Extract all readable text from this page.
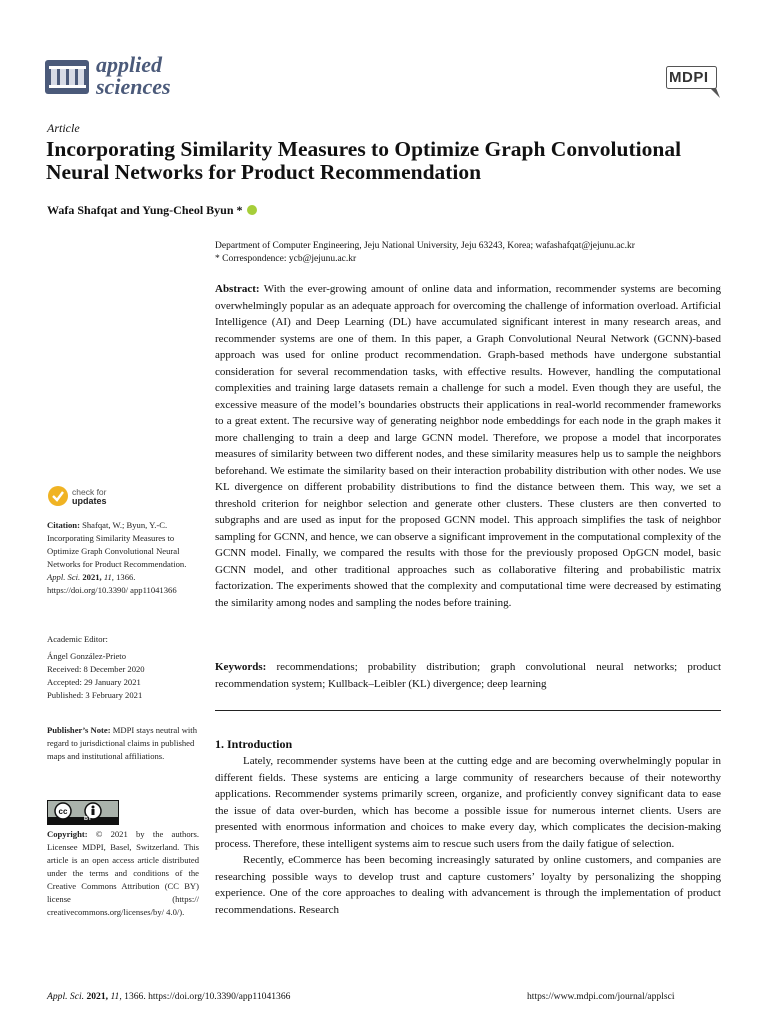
applied
sciences	MDPI
Article
Incorporating Similarity Measures to Optimize Graph Convolutional Neural Networks for Product Recommendation
Wafa Shafqat and Yung-Cheol Byun *
Department of Computer Engineering, Jeju National University, Jeju 63243, Korea; wafashafqat@jejunu.ac.kr
* Correspondence: ycb@jejunu.ac.kr
Abstract: With the ever-growing amount of online data and information, recommender systems are becoming overwhelmingly popular as an adequate approach for overcoming the challenge of information overload. Artificial Intelligence (AI) and Deep Learning (DL) have accumulated significant interest in many research areas, and recommender systems are one of them. In this paper, a Graph Convolutional Neural Network (GCNN)-based approach was used for online product recommendation. Graph-based methods have undergone substantial consideration for several recommendation tasks, with effective results. However, handling the computational complexities and training large datasets remain a challenge for such a model. Even though they are useful, the excessive measure of the model’s boundaries obstructs their applications in real-world recommender frameworks to a great extent. The recursive way of generating neighbor node embeddings for each node in the graph makes it more challenging to train a deep and large GCNN model. Therefore, we propose a model that incorporates measures of similarity between two different nodes, and these similarity measures help us to sample the neighbors beforehand. We estimate the similarity based on their interaction probability distribution with other nodes. We use KL divergence on different probability distributions to find the distance between them. This way, we set a threshold criterion for neighbor selection and generate other clusters. These clusters are then converted to subgraphs and are used as input for the proposed GCNN model. This approach simplifies the task of neighbor sampling for GCNN, and hence, we can observe a significant improvement in the computational complexity of the GCNN model. Finally, we compared the results with those for the previously proposed OpGCN model, basic GCNN model, and other traditional approaches such as collaborative filtering and probabilistic matrix factorization. The experiments showed that the complexity and computational time were decreased by estimating the similarity among nodes and sampling the nodes before training.
Keywords: recommendations; probability distribution; graph convolutional neural networks; product recommendation system; Kullback–Leibler (KL) divergence; deep learning
1. Introduction

Lately, recommender systems have been at the cutting edge and are becoming overwhelmingly popular in different fields. These systems are enticing a large community of researchers because of their noteworthy applications. Recommender systems primarily screen, organize, and proficiently convey significant data to ease the issue of data over-burden, which has become a possible issue for numerous internet clients. Users are presented with enormous information and choices to make every day, which complicates the decision-making process. Therefore, these intelligent systems aim to rescue such users from the daily fatigue of selection.

Recently, eCommerce has been becoming increasingly saturated by online customers, and companies are researching possible ways to develop trust and capture customers’ loyalty by personalizing the shopping experience. One of the core approaches to dealing with advancement is through the implementation of product recommendations. Research

check for
updates
Citation: Shafqat, W.; Byun, Y.-C. Incorporating Similarity Measures to Optimize Graph Convolutional Neural Networks for Product Recommendation. Appl. Sci. 2021, 11, 1366. https://doi.org/10.3390/ app11041366
Academic Editor:
Ángel González-Prieto
Received: 8 December 2020
Accepted: 29 January 2021
Published: 3 February 2021
Publisher’s Note: MDPI stays neutral with regard to jurisdictional claims in published maps and institutional affiliations.
cc
BY
Copyright: © 2021 by the authors. Licensee MDPI, Basel, Switzerland. This article is an open access article distributed under the terms and conditions of the Creative Commons Attribution (CC BY) license (https:// creativecommons.org/licenses/by/ 4.0/).
Appl. Sci. 2021, 11, 1366. https://doi.org/10.3390/app11041366	https://www.mdpi.com/journal/applsci
